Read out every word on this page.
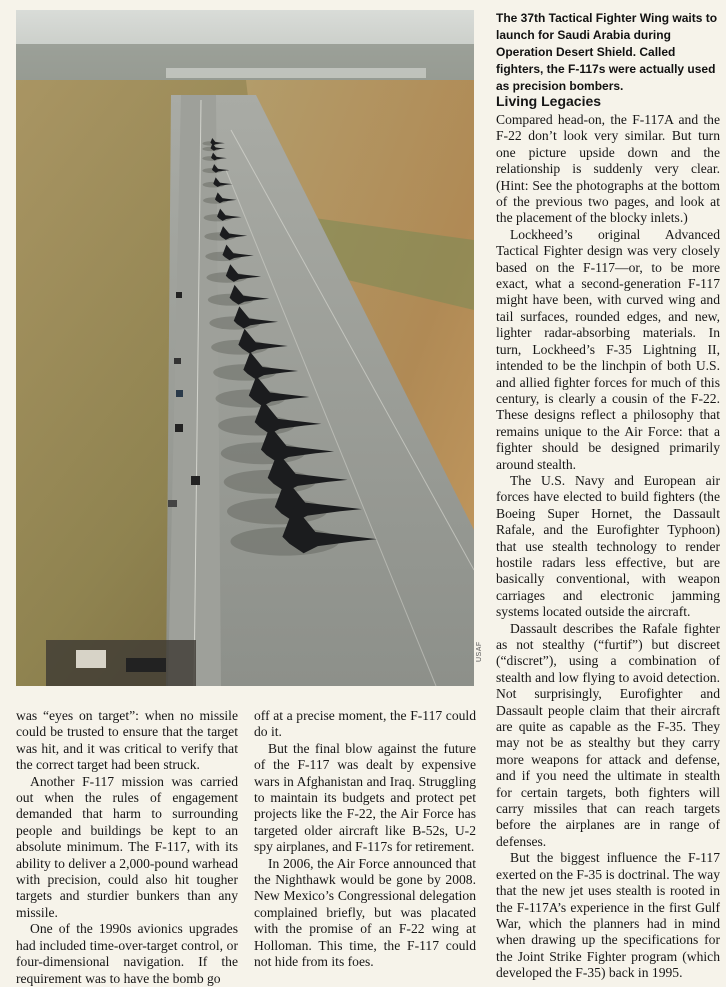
USAF
The 37th Tactical Fighter Wing waits to launch for Saudi Arabia during Operation Desert Shield. Called fighters, the F-117s were actually used as precision bombers.

was “eyes on target”: when no missile could be trusted to ensure that the target was hit, and it was critical to verify that the correct target had been struck.

Another F-117 mission was carried out when the rules of engagement demanded that harm to surrounding people and buildings be kept to an absolute minimum. The F-117, with its ability to deliver a 2,000-pound warhead with precision, could also hit tougher targets and sturdier bunkers than any missile.

One of the 1990s avionics upgrades had included time-over-target control, or four-dimensional navigation. If the requirement was to have the bomb go

off at a precise moment, the F-117 could do it.

But the final blow against the future of the F-117 was dealt by expensive wars in Afghanistan and Iraq. Struggling to maintain its budgets and protect pet projects like the F-22, the Air Force has targeted older aircraft like B-52s, U-2 spy airplanes, and F-117s for retirement.

In 2006, the Air Force announced that the Nighthawk would be gone by 2008. New Mexico’s Congressional delegation complained briefly, but was placated with the promise of an F-22 wing at Holloman. This time, the F-117 could not hide from its foes.

Living Legacies

Compared head-on, the F-117A and the F-22 don’t look very similar. But turn one picture upside down and the relationship is suddenly very clear. (Hint: See the photographs at the bottom of the previous two pages, and look at the placement of the blocky inlets.)

Lockheed’s original Advanced Tactical Fighter design was very closely based on the F-117—or, to be more exact, what a second-generation F-117 might have been, with curved wing and tail surfaces, rounded edges, and new, lighter radar-absorbing materials. In turn, Lockheed’s F-35 Lightning II, intended to be the linchpin of both U.S. and allied fighter forces for much of this century, is clearly a cousin of the F-22. These designs reflect a philosophy that remains unique to the Air Force: that a fighter should be designed primarily around stealth.

The U.S. Navy and European air forces have elected to build fighters (the Boeing Super Hornet, the Dassault Rafale, and the Eurofighter Typhoon) that use stealth technology to render hostile radars less effective, but are basically conventional, with weapon carriages and electronic jamming systems located outside the aircraft.

Dassault describes the Rafale fighter as not stealthy (“furtif”) but discreet (“discret”), using a combination of stealth and low flying to avoid detection. Not surprisingly, Eurofighter and Dassault people claim that their aircraft are quite as capable as the F-35. They may not be as stealthy but they carry more weapons for attack and defense, and if you need the ultimate in stealth for certain targets, both fighters will carry missiles that can reach targets before the airplanes are in range of defenses.

But the biggest influence the F-117 exerted on the F-35 is doctrinal. The way that the new jet uses stealth is rooted in the F-117A’s experience in the first Gulf War, which the planners had in mind when drawing up the specifications for the Joint Strike Fighter program (which developed the F-35) back in 1995.
